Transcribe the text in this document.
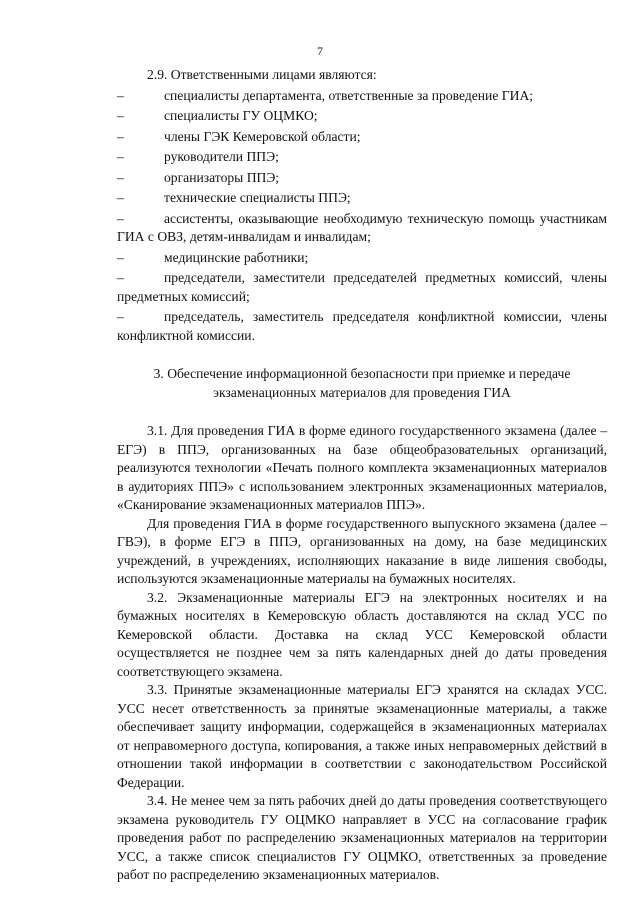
7

2.9. Ответственными лицами являются:

–	специалисты департамента, ответственные за проведение ГИА;

–	специалисты ГУ ОЦМКО;

–	члены ГЭК Кемеровской области;

–	руководители ППЭ;

–	организаторы ППЭ;

–	технические специалисты ППЭ;

–	ассистенты, оказывающие необходимую техническую помощь участникам ГИА с ОВЗ, детям-инвалидам и инвалидам;

–	медицинские работники;

–	председатели, заместители председателей предметных комиссий, члены предметных комиссий;

–	председатель, заместитель председателя конфликтной комиссии, члены конфликтной комиссии.

3. Обеспечение информационной безопасности при приемке и передаче
экзаменационных материалов для проведения ГИА

3.1. Для проведения ГИА в форме единого государственного экзамена (далее – ЕГЭ) в ППЭ, организованных на базе общеобразовательных организаций, реализуются технологии «Печать полного комплекта экзаменационных материалов в аудиториях ППЭ» с использованием электронных экзаменационных материалов, «Сканирование экзаменационных материалов ППЭ».

Для проведения ГИА в форме государственного выпускного экзамена (далее – ГВЭ), в форме ЕГЭ в ППЭ, организованных на дому, на базе медицинских учреждений, в учреждениях, исполняющих наказание в виде лишения свободы, используются экзаменационные материалы на бумажных носителях.

3.2. Экзаменационные материалы ЕГЭ на электронных носителях и на бумажных носителях в Кемеровскую область доставляются на склад УСС по Кемеровской области. Доставка на склад УСС Кемеровской области осуществляется не позднее чем за пять календарных дней до даты проведения соответствующего экзамена.

3.3. Принятые экзаменационные материалы ЕГЭ хранятся на складах УСС. УСС несет ответственность за принятые экзаменационные материалы, а также обеспечивает защиту информации, содержащейся в экзаменационных материалах от неправомерного доступа, копирования, а также иных неправомерных действий в отношении такой информации в соответствии с законодательством Российской Федерации.

3.4. Не менее чем за пять рабочих дней до даты проведения соответствующего экзамена руководитель ГУ ОЦМКО направляет в УСС на согласование график проведения работ по распределению экзаменационных материалов на территории УСС, а также список специалистов ГУ ОЦМКО, ответственных за проведение работ по распределению экзаменационных материалов.
